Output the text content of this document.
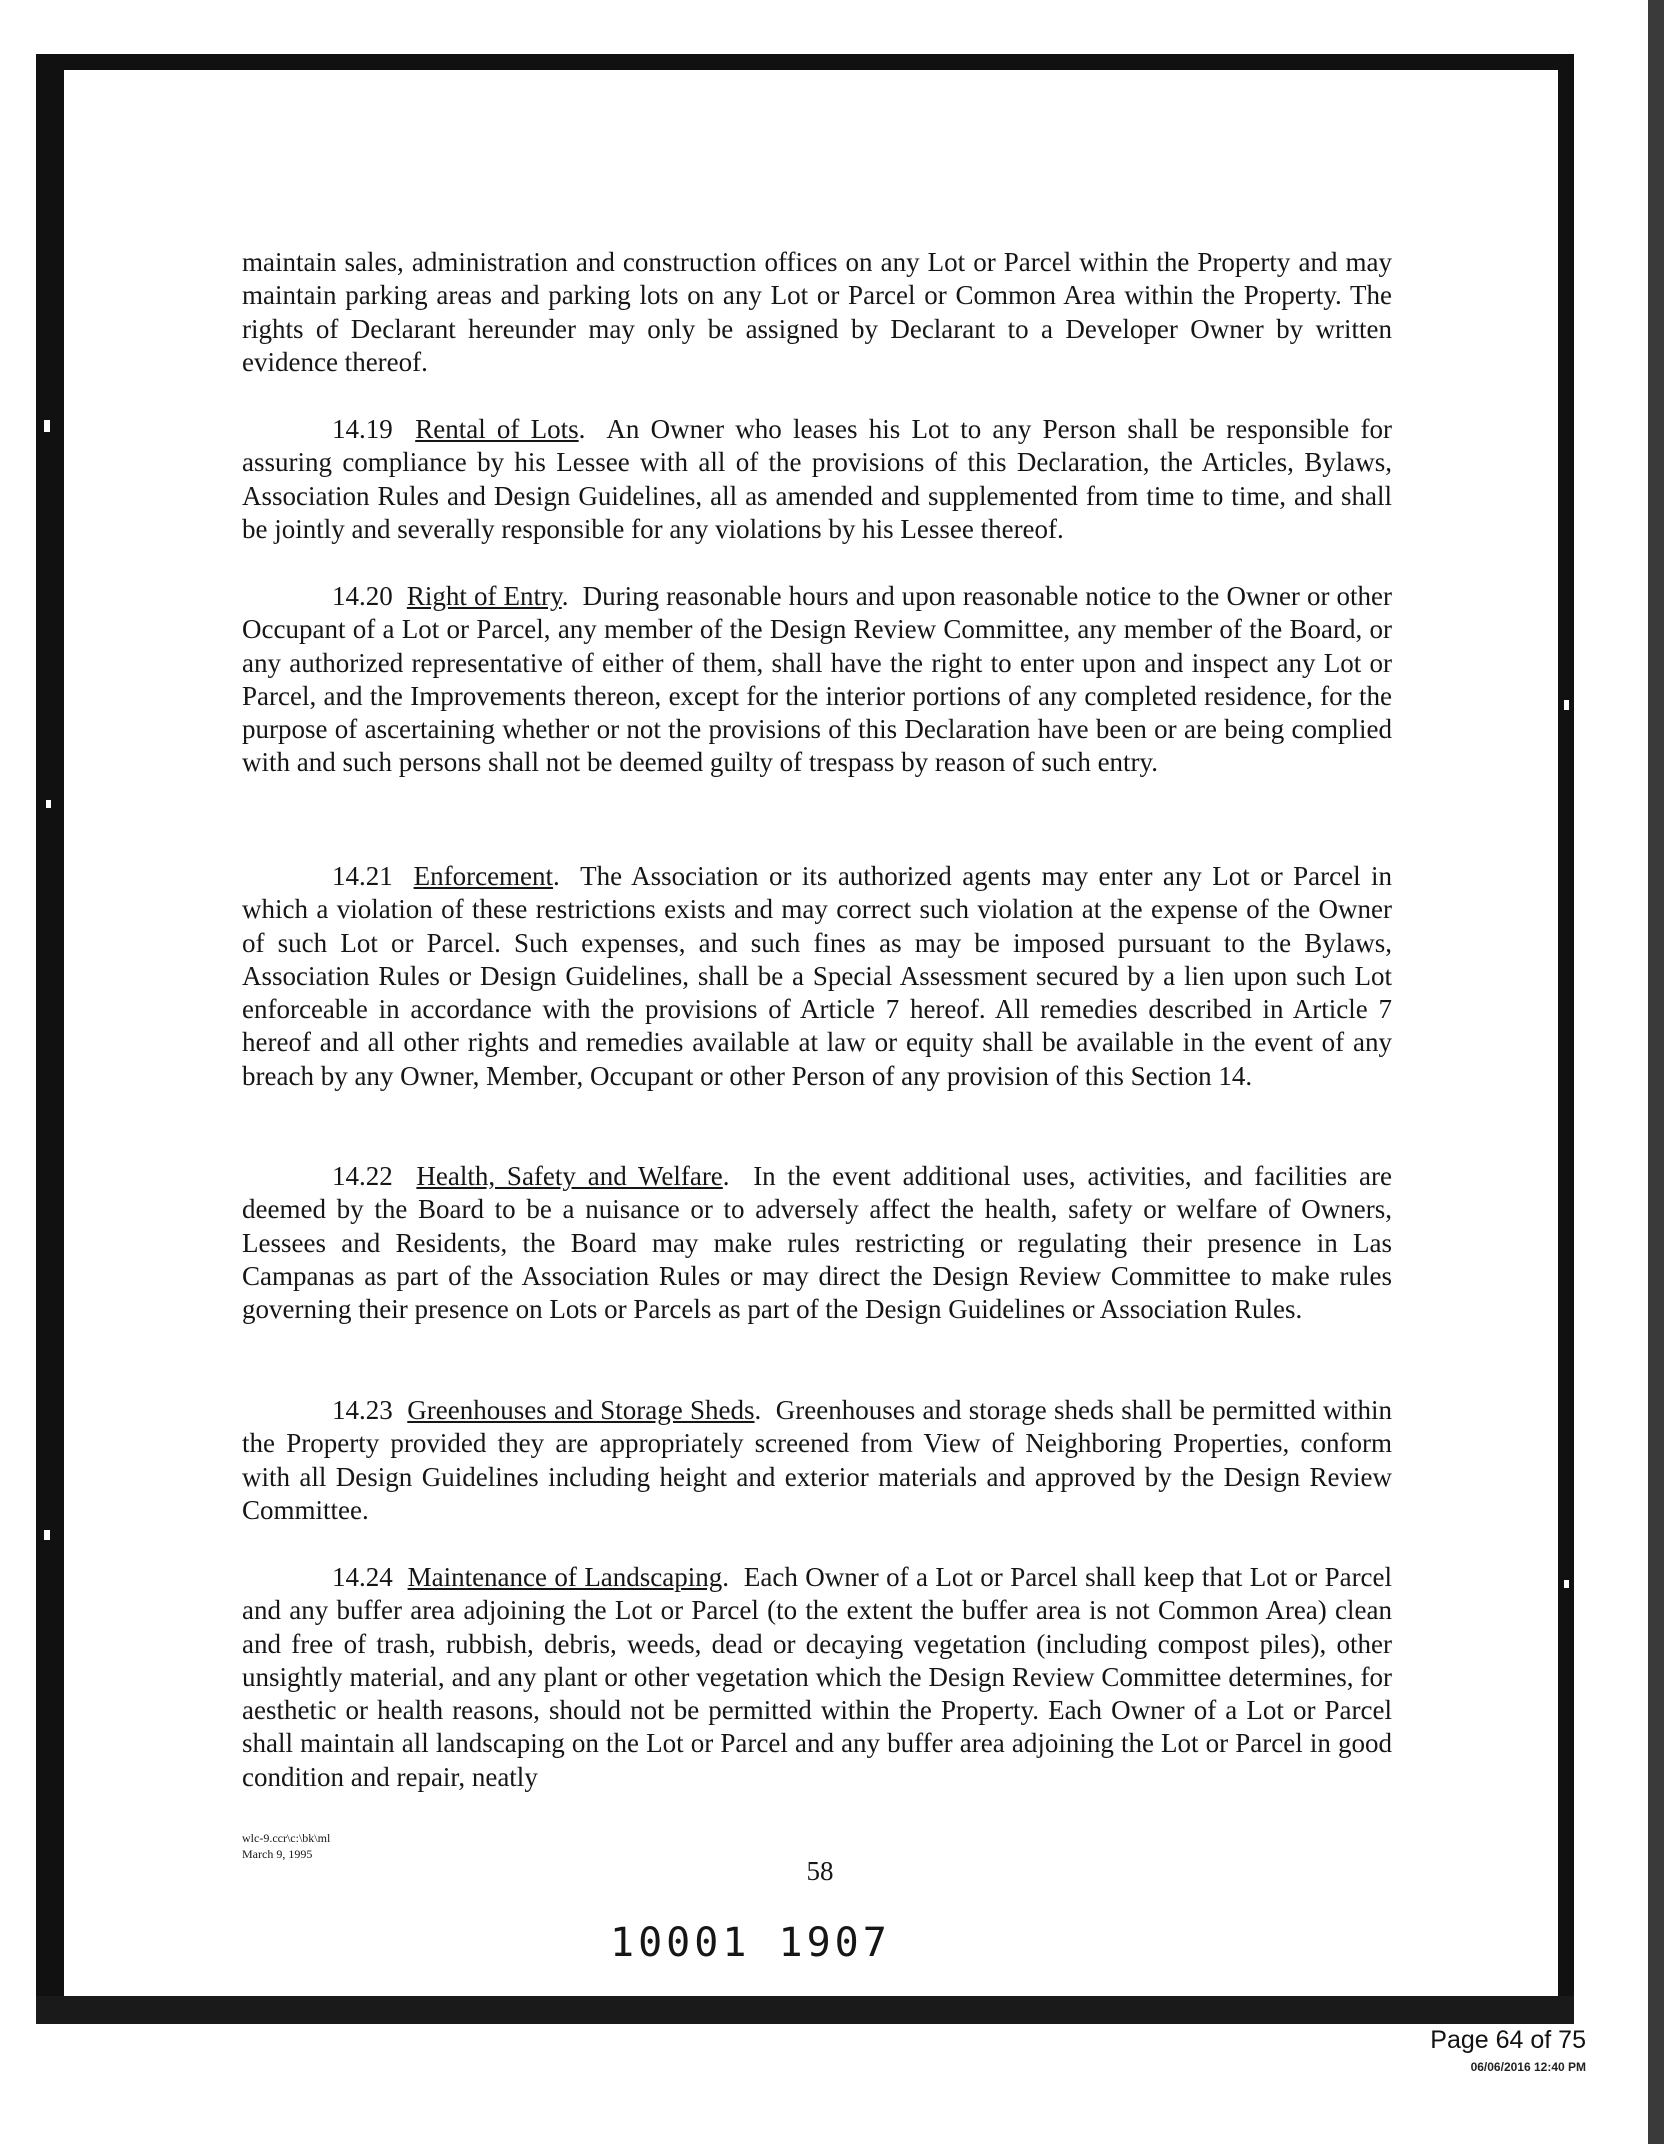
maintain sales, administration and construction offices on any Lot or Parcel within the Property and may maintain parking areas and parking lots on any Lot or Parcel or Common Area within the Property. The rights of Declarant hereunder may only be assigned by Declarant to a Developer Owner by written evidence thereof.

14.19 Rental of Lots.  An Owner who leases his Lot to any Person shall be responsible for assuring compliance by his Lessee with all of the provisions of this Declaration, the Articles, Bylaws, Association Rules and Design Guidelines, all as amended and supplemented from time to time, and shall be jointly and severally responsible for any violations by his Lessee thereof.

14.20 Right of Entry.  During reasonable hours and upon reasonable notice to the Owner or other Occupant of a Lot or Parcel, any member of the Design Review Committee, any member of the Board, or any authorized representative of either of them, shall have the right to enter upon and inspect any Lot or Parcel, and the Improvements thereon, except for the interior portions of any completed residence, for the purpose of ascertaining whether or not the provisions of this Declaration have been or are being complied with and such persons shall not be deemed guilty of trespass by reason of such entry.

14.21 Enforcement.  The Association or its authorized agents may enter any Lot or Parcel in which a violation of these restrictions exists and may correct such violation at the expense of the Owner of such Lot or Parcel. Such expenses, and such fines as may be imposed pursuant to the Bylaws, Association Rules or Design Guidelines, shall be a Special Assessment secured by a lien upon such Lot enforceable in accordance with the provisions of Article 7 hereof. All remedies described in Article 7 hereof and all other rights and remedies available at law or equity shall be available in the event of any breach by any Owner, Member, Occupant or other Person of any provision of this Section 14.

14.22 Health, Safety and Welfare.  In the event additional uses, activities, and facilities are deemed by the Board to be a nuisance or to adversely affect the health, safety or welfare of Owners, Lessees and Residents, the Board may make rules restricting or regulating their presence in Las Campanas as part of the Association Rules or may direct the Design Review Committee to make rules governing their presence on Lots or Parcels as part of the Design Guidelines or Association Rules.

14.23 Greenhouses and Storage Sheds.  Greenhouses and storage sheds shall be permitted within the Property provided they are appropriately screened from View of Neighboring Properties, conform with all Design Guidelines including height and exterior materials and approved by the Design Review Committee.

14.24 Maintenance of Landscaping.  Each Owner of a Lot or Parcel shall keep that Lot or Parcel and any buffer area adjoining the Lot or Parcel (to the extent the buffer area is not Common Area) clean and free of trash, rubbish, debris, weeds, dead or decaying vegetation (including compost piles), other unsightly material, and any plant or other vegetation which the Design Review Committee determines, for aesthetic or health reasons, should not be permitted within the Property. Each Owner of a Lot or Parcel shall maintain all landscaping on the Lot or Parcel and any buffer area adjoining the Lot or Parcel in good condition and repair, neatly

wlc-9.ccr\c:\bk\ml
March 9, 1995
58
10001 1907
Page 64 of 75
06/06/2016 12:40 PM
